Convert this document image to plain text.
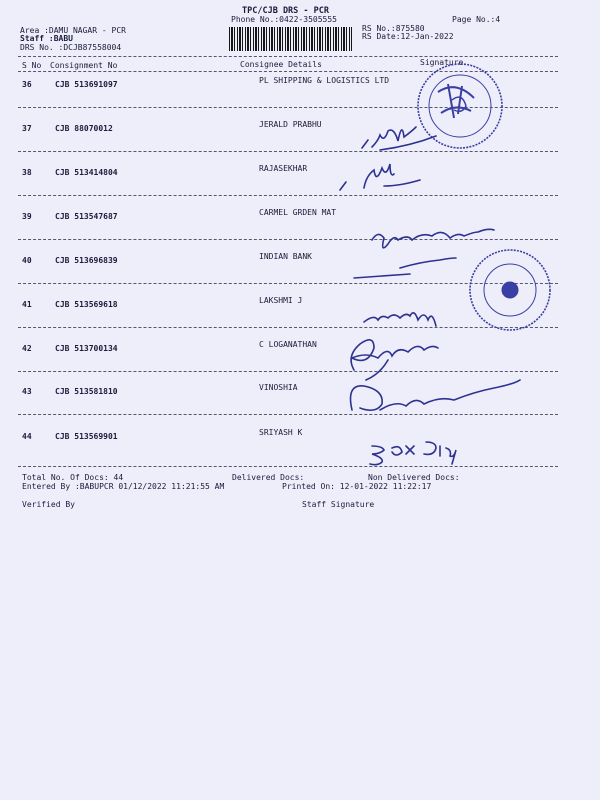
TPC/CJB DRS - PCR
Phone No.:0422-3505555	Page No.:4
Area :DAMU NAGAR - PCR
Staff :BABU
DRS No. :DCJB87558004
RS No.:875580
RS Date:12-Jan-2022
S No Consignment No	Consignee Details	Signature
36	CJB 513691097	PL SHIPPING & LOGISTICS LTD
37	CJB 88070012	JERALD PRABHU
38	CJB 513414804	RAJASEKHAR
39	CJB 513547687	CARMEL GRDEN MAT
40	CJB 513696839	INDIAN BANK
41	CJB 513569618	LAKSHMI J
42	CJB 513700134	C LOGANATHAN
43	CJB 513581810	VINOSHIA
44	CJB 513569901	SRIYASH K
Total No. Of Docs: 44	Delivered Docs:	Non Delivered Docs:
Entered By :BABUPCR 01/12/2022 11:21:55 AM	Printed On: 12-01-2022 11:22:17
Verified By	Staff Signature
